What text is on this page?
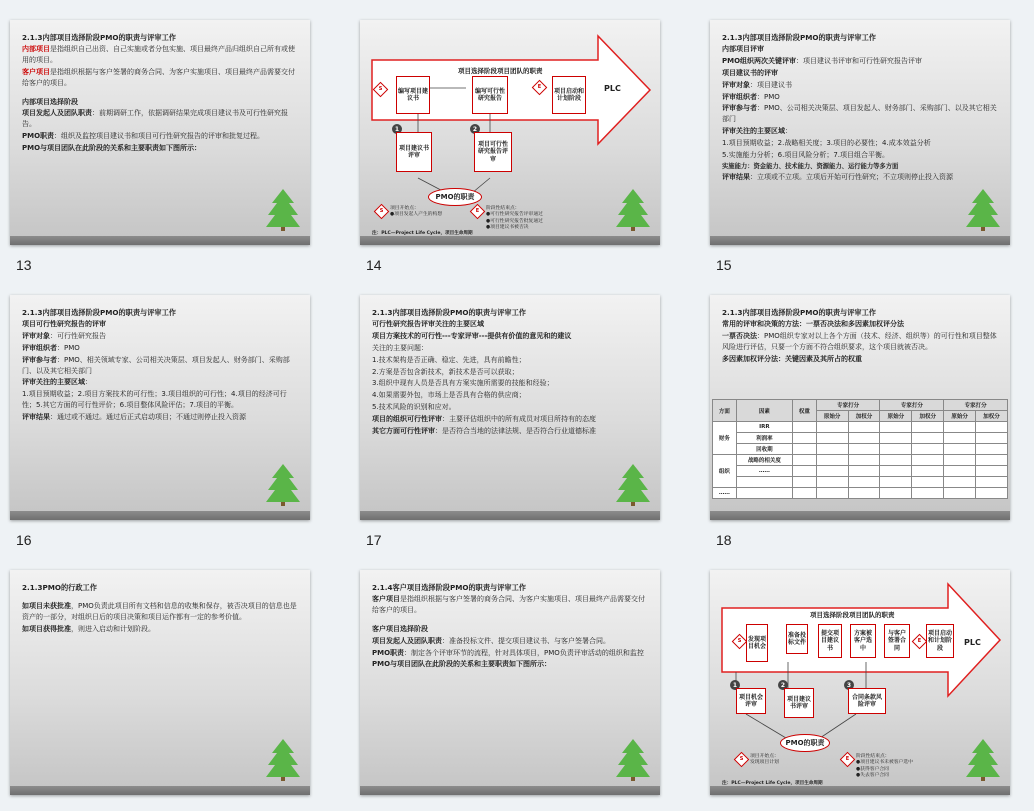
2.1.3内部项目选择阶段PMO的职责与评审工作

内部项目是指组织自己出资、自己实施或者分包实施、项目最终产品归组织自己所有或使用的项目。

客户项目是指组织根据与客户签署的商务合同、为客户实施项目、项目最终产品需要交付给客户的项目。

内部项目选择阶段

项目发起人及团队职责：前期调研工作，依据调研结果完成项目建议书及可行性研究报告。

PMO职责：组织及监控项目建议书和项目可行性研究报告的评审和批复过程。

PMO与项目团队在此阶段的关系和主要职责如下图所示：

13
项目选择阶段项目团队的职责
S	编写项目建议书
编写可行性研究报告
E
项目启动和计划阶段
PLC
1
项目建议书评审
2
项目可行性研究报告评审
PMO的职责
S	项目开始点：
●项目发起人产生的构想
E	阶段性结束点：
●可行性研究报告评审通过
●可行性研究报告批复通过
●项目建议书被否决
注：PLC—Project Life Cycle，项目生命周期
14

2.1.3内部项目选择阶段PMO的职责与评审工作

内部项目评审

PMO组织两次关键评审：项目建议书评审和可行性研究报告评审

项目建议书的评审

评审对象：项目建议书

评审组织者：PMO

评审参与者：PMO、公司相关决策层、项目发起人、财务部门、采购部门、以及其它相关部门

评审关注的主要区域：

1.项目预期收益；2.战略相关度；3.项目的必要性；4.成本效益分析

5.实施能力分析；6.项目风险分析；7.项目组合平衡。

实施能力：资金能力、技术能力、资源能力、运行能力等多方面

评审结果：立项或不立项。立项后开始可行性研究；不立项则停止投入资源

15

2.1.3内部项目选择阶段PMO的职责与评审工作

项目可行性研究报告的评审

评审对象：可行性研究报告

评审组织者：PMO

评审参与者：PMO、相关领域专家、公司相关决策层、项目发起人、财务部门、采购部门、以及其它相关部门

评审关注的主要区域：

1.项目预期收益；2.项目方案技术的可行性；3.项目组织的可行性；4.项目的经济可行性；5.其它方面的可行性评价；6.项目整体风险评估；7.项目的平衡。

评审结果：通过或不通过。通过后正式启动项目；不通过则停止投入资源

16

2.1.3内部项目选择阶段PMO的职责与评审工作

可行性研究报告评审关注的主要区域

项目方案技术的可行性---专家评审---提供有价值的意见和的建议

关注的主要问题：

1.技术架构是否正确、稳定、先进，具有前瞻性；

2.方案是否包含新技术，新技术是否可以获取；

3.组织中现有人员是否具有方案实施所需要的技能和经验；

4.如果需要外包，市场上是否具有合格的供应商；

5.技术风险的识别和应对。

项目的组织可行性评审：主要评估组织中的所有成员对项目所持有的态度

其它方面可行性评审：是否符合当地的法律法规、是否符合行业道德标准

17

2.1.3内部项目选择阶段PMO的职责与评审工作

常用的评审和决策的方法：一票否决法和多因素加权评分法

一票否决法：PMO组织专家对以上各个方面（技术、经济、组织等）的可行性和项目整体风险进行评估，只要一个方面不符合组织要求，这个项目就被否决。

多因素加权评分法：关键因素及其所占的权重

方面	因素	权重	专家打分		专家打分		专家打分	
			原始分	加权分	原始分	加权分	原始分	加权分
财务	IRR							
	利润率							
	回收期							
组织	战略的相关度							
	……							

……								
18

2.1.3PMO的行政工作

如项目未获批准，PMO负责此项目所有文档和信息的收集和保存，被否决项目的信息也是资产的一部分，对组织日后的项目决策和项目运作都有一定的参考价值。

如项目获得批准，则进入启动和计划阶段。

2.1.4客户项目选择阶段PMO的职责与评审工作

客户项目是指组织根据与客户签署的商务合同、为客户实施项目、项目最终产品需要交付给客户的项目。

客户项目选择阶段

项目发起人及团队职责：准备投标文件、提交项目建议书、与客户签署合同。

PMO职责：制定各个评审环节的流程，针对具体项目，PMO负责评审活动的组织和监控

PMO与项目团队在此阶段的关系和主要职责如下图所示：

项目选择阶段项目团队的职责
S	发现项目机会
准备投标文件
提交项目建议书
方案被客户选中
与客户签署合同
E
项目启动和计划阶段
PLC
1
项目机会评审
2
项目建议书评审
3
合同条款风险评审
PMO的职责
S	项目开始点：
发现项目计划
E	阶段性结束点：
●项目建议书未被客户选中
●获得客户合同
●失去客户合同
注：PLC—Project Life Cycle，项目生命周期
